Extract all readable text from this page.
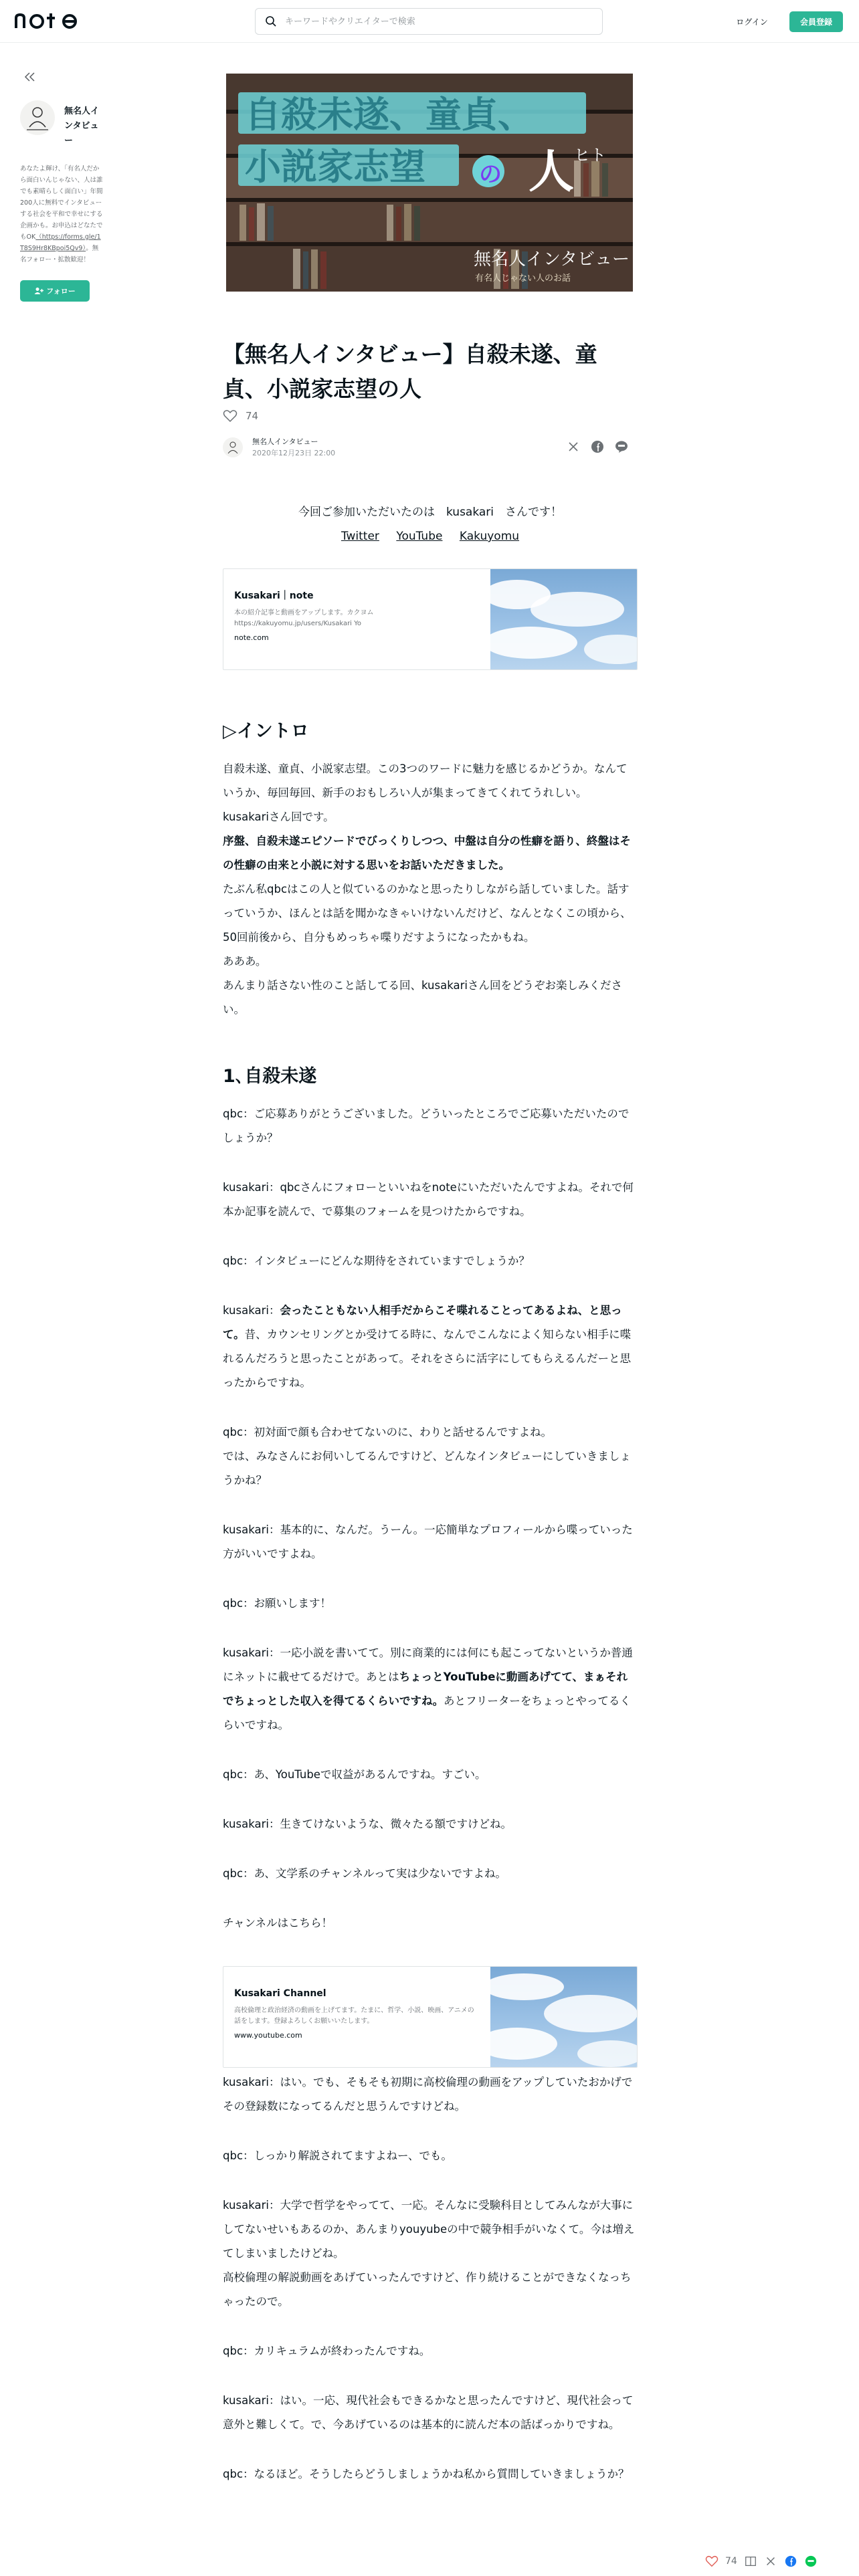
キーワードやクリエイターで検索
ログイン	会員登録
無名人インタビュー
あなたよ輝け、「有名人だから面白いんじゃない、人は誰でも素晴らしく面白い」年間200人に無料でインタビューする社会を平和で幸せにする企画かも。お申込はどなたでもOK（https://forms.gle/1T8S9Hr8KBpoi5Qv9）。無名フォロー・拡散歓迎！
フォロー
自殺未遂、童貞、
小説家志望 の 人 ヒト
無名人インタビュー
有名人じゃない人のお話
【無名人インタビュー】自殺未遂、童貞、小説家志望の人
74
無名人インタビュー
2020年12月23日 22:00
今回ご参加いただいたのは　kusakari　さんです！
Twitter YouTube Kakuyomu
Kusakari｜note
本の紹介記事と動画をアップします。カクヨム　https://kakuyomu.jp/users/Kusakari Yo
note.com
▷イントロ

自殺未遂、童貞、小説家志望。この3つのワードに魅力を感じるかどうか。なんていうか、毎回毎回、新手のおもしろい人が集まってきてくれてうれしい。

kusakariさん回です。

序盤、自殺未遂エピソードでびっくりしつつ、中盤は自分の性癖を語り、終盤はその性癖の由来と小説に対する思いをお話いただきました。

たぶん私qbcはこの人と似ているのかなと思ったりしながら話していました。話すっていうか、ほんとは話を聞かなきゃいけないんだけど、なんとなくこの頃から、50回前後から、自分もめっちゃ喋りだすようになったかもね。

あああ。

あんまり話さない性のこと話してる回、kusakariさん回をどうぞお楽しみください。

1､自殺未遂

qbc：ご応募ありがとうございました。どういったところでご応募いただいたのでしょうか？

kusakari：qbcさんにフォローといいねをnoteにいただいたんですよね。それで何本か記事を読んで、で募集のフォームを見つけたからですね。

qbc：インタビューにどんな期待をされていますでしょうか？

kusakari：会ったこともない人相手だからこそ喋れることってあるよね、と思って。昔、カウンセリングとか受けてる時に、なんでこんなによく知らない相手に喋れるんだろうと思ったことがあって。それをさらに活字にしてもらえるんだーと思ったからですね。

qbc：初対面で顔も合わせてないのに、わりと話せるんですよね。

では、みなさんにお伺いしてるんですけど、どんなインタビューにしていきましょうかね？

kusakari：基本的に、なんだ。うーん。一応簡単なプロフィールから喋っていった方がいいですよね。

qbc：お願いします！

kusakari：一応小説を書いてて。別に商業的には何にも起こってないというか普通にネットに載せてるだけで。あとはちょっとYouTubeに動画あげてて、まぁそれでちょっとした収入を得てるくらいですね。あとフリーターをちょっとやってるくらいですね。

qbc：あ、YouTubeで収益があるんですね。すごい。

kusakari：生きてけないような、微々たる額ですけどね。

qbc：あ、文学系のチャンネルって実は少ないですよね。

チャンネルはこちら！

kusakari：はい。でも、そもそも初期に高校倫理の動画をアップしていたおかげでその登録数になってるんだと思うんですけどね。

qbc：しっかり解説されてますよねー、でも。

kusakari：大学で哲学をやってて、一応。そんなに受験科目としてみんなが大事にしてないせいもあるのか、あんまりyouyubeの中で競争相手がいなくて。今は増えてしまいましたけどね。

高校倫理の解説動画をあげていったんですけど、作り続けることができなくなっちゃったので。

qbc：カリキュラムが終わったんですね。

kusakari：はい。一応、現代社会もできるかなと思ったんですけど、現代社会って意外と難しくて。で、今あげているのは基本的に読んだ本の話ばっかりですね。

qbc：なるほど。そうしたらどうしましょうかね私から質問していきましょうか？

Kusakari Channel
高校倫理と政治経済の動画を上げてます。たまに、哲学、小説、映画、アニメの話をします。登録よろしくお願いいたします。
www.youtube.com
74
